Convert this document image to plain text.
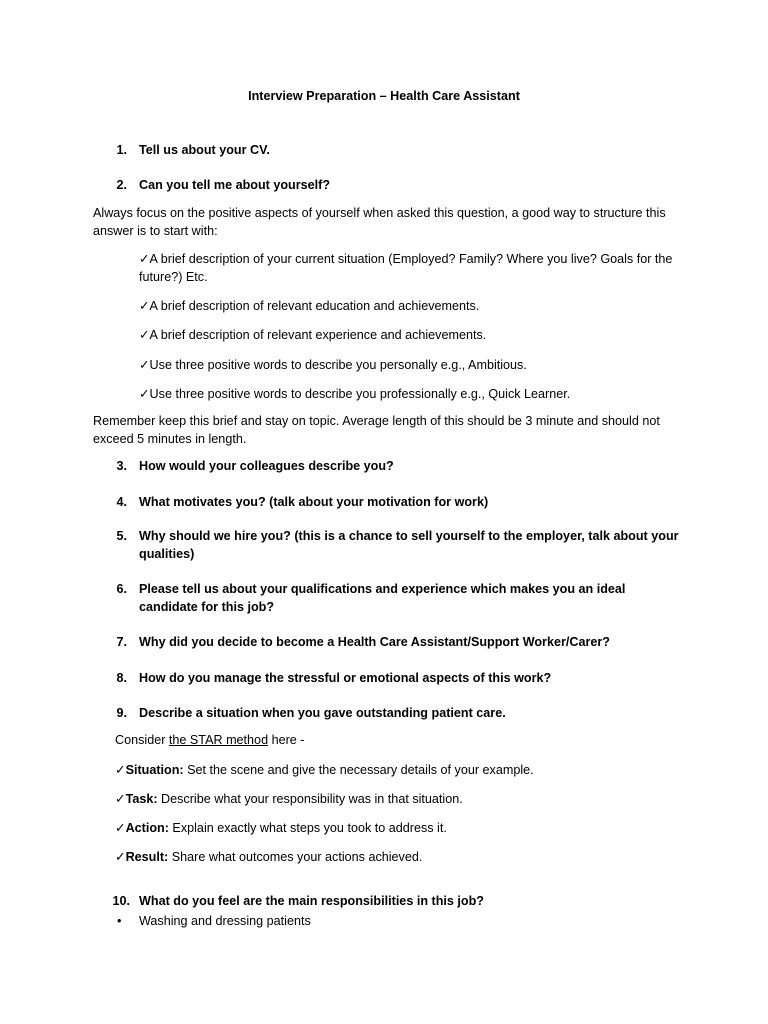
Interview Preparation – Health Care Assistant

1. Tell us about your CV.

2. Can you tell me about yourself?

Always focus on the positive aspects of yourself when asked this question, a good way to structure this answer is to start with:

✓A brief description of your current situation (Employed? Family? Where you live? Goals for the future?) Etc.

✓A brief description of relevant education and achievements.

✓A brief description of relevant experience and achievements.

✓Use three positive words to describe you personally e.g., Ambitious.

✓Use three positive words to describe you professionally e.g., Quick Learner.

Remember keep this brief and stay on topic. Average length of this should be 3 minute and should not exceed 5 minutes in length.

3. How would your colleagues describe you?

4. What motivates you? (talk about your motivation for work)

5. Why should we hire you? (this is a chance to sell yourself to the employer, talk about your qualities)

6. Please tell us about your qualifications and experience which makes you an ideal candidate for this job?

7. Why did you decide to become a Health Care Assistant/Support Worker/Carer?

8. How do you manage the stressful or emotional aspects of this work?

9. Describe a situation when you gave outstanding patient care.

Consider the STAR method here -

✓Situation: Set the scene and give the necessary details of your example.

✓Task: Describe what your responsibility was in that situation.

✓Action: Explain exactly what steps you took to address it.

✓Result: Share what outcomes your actions achieved.

10. What do you feel are the main responsibilities in this job?

•	Washing and dressing patients
